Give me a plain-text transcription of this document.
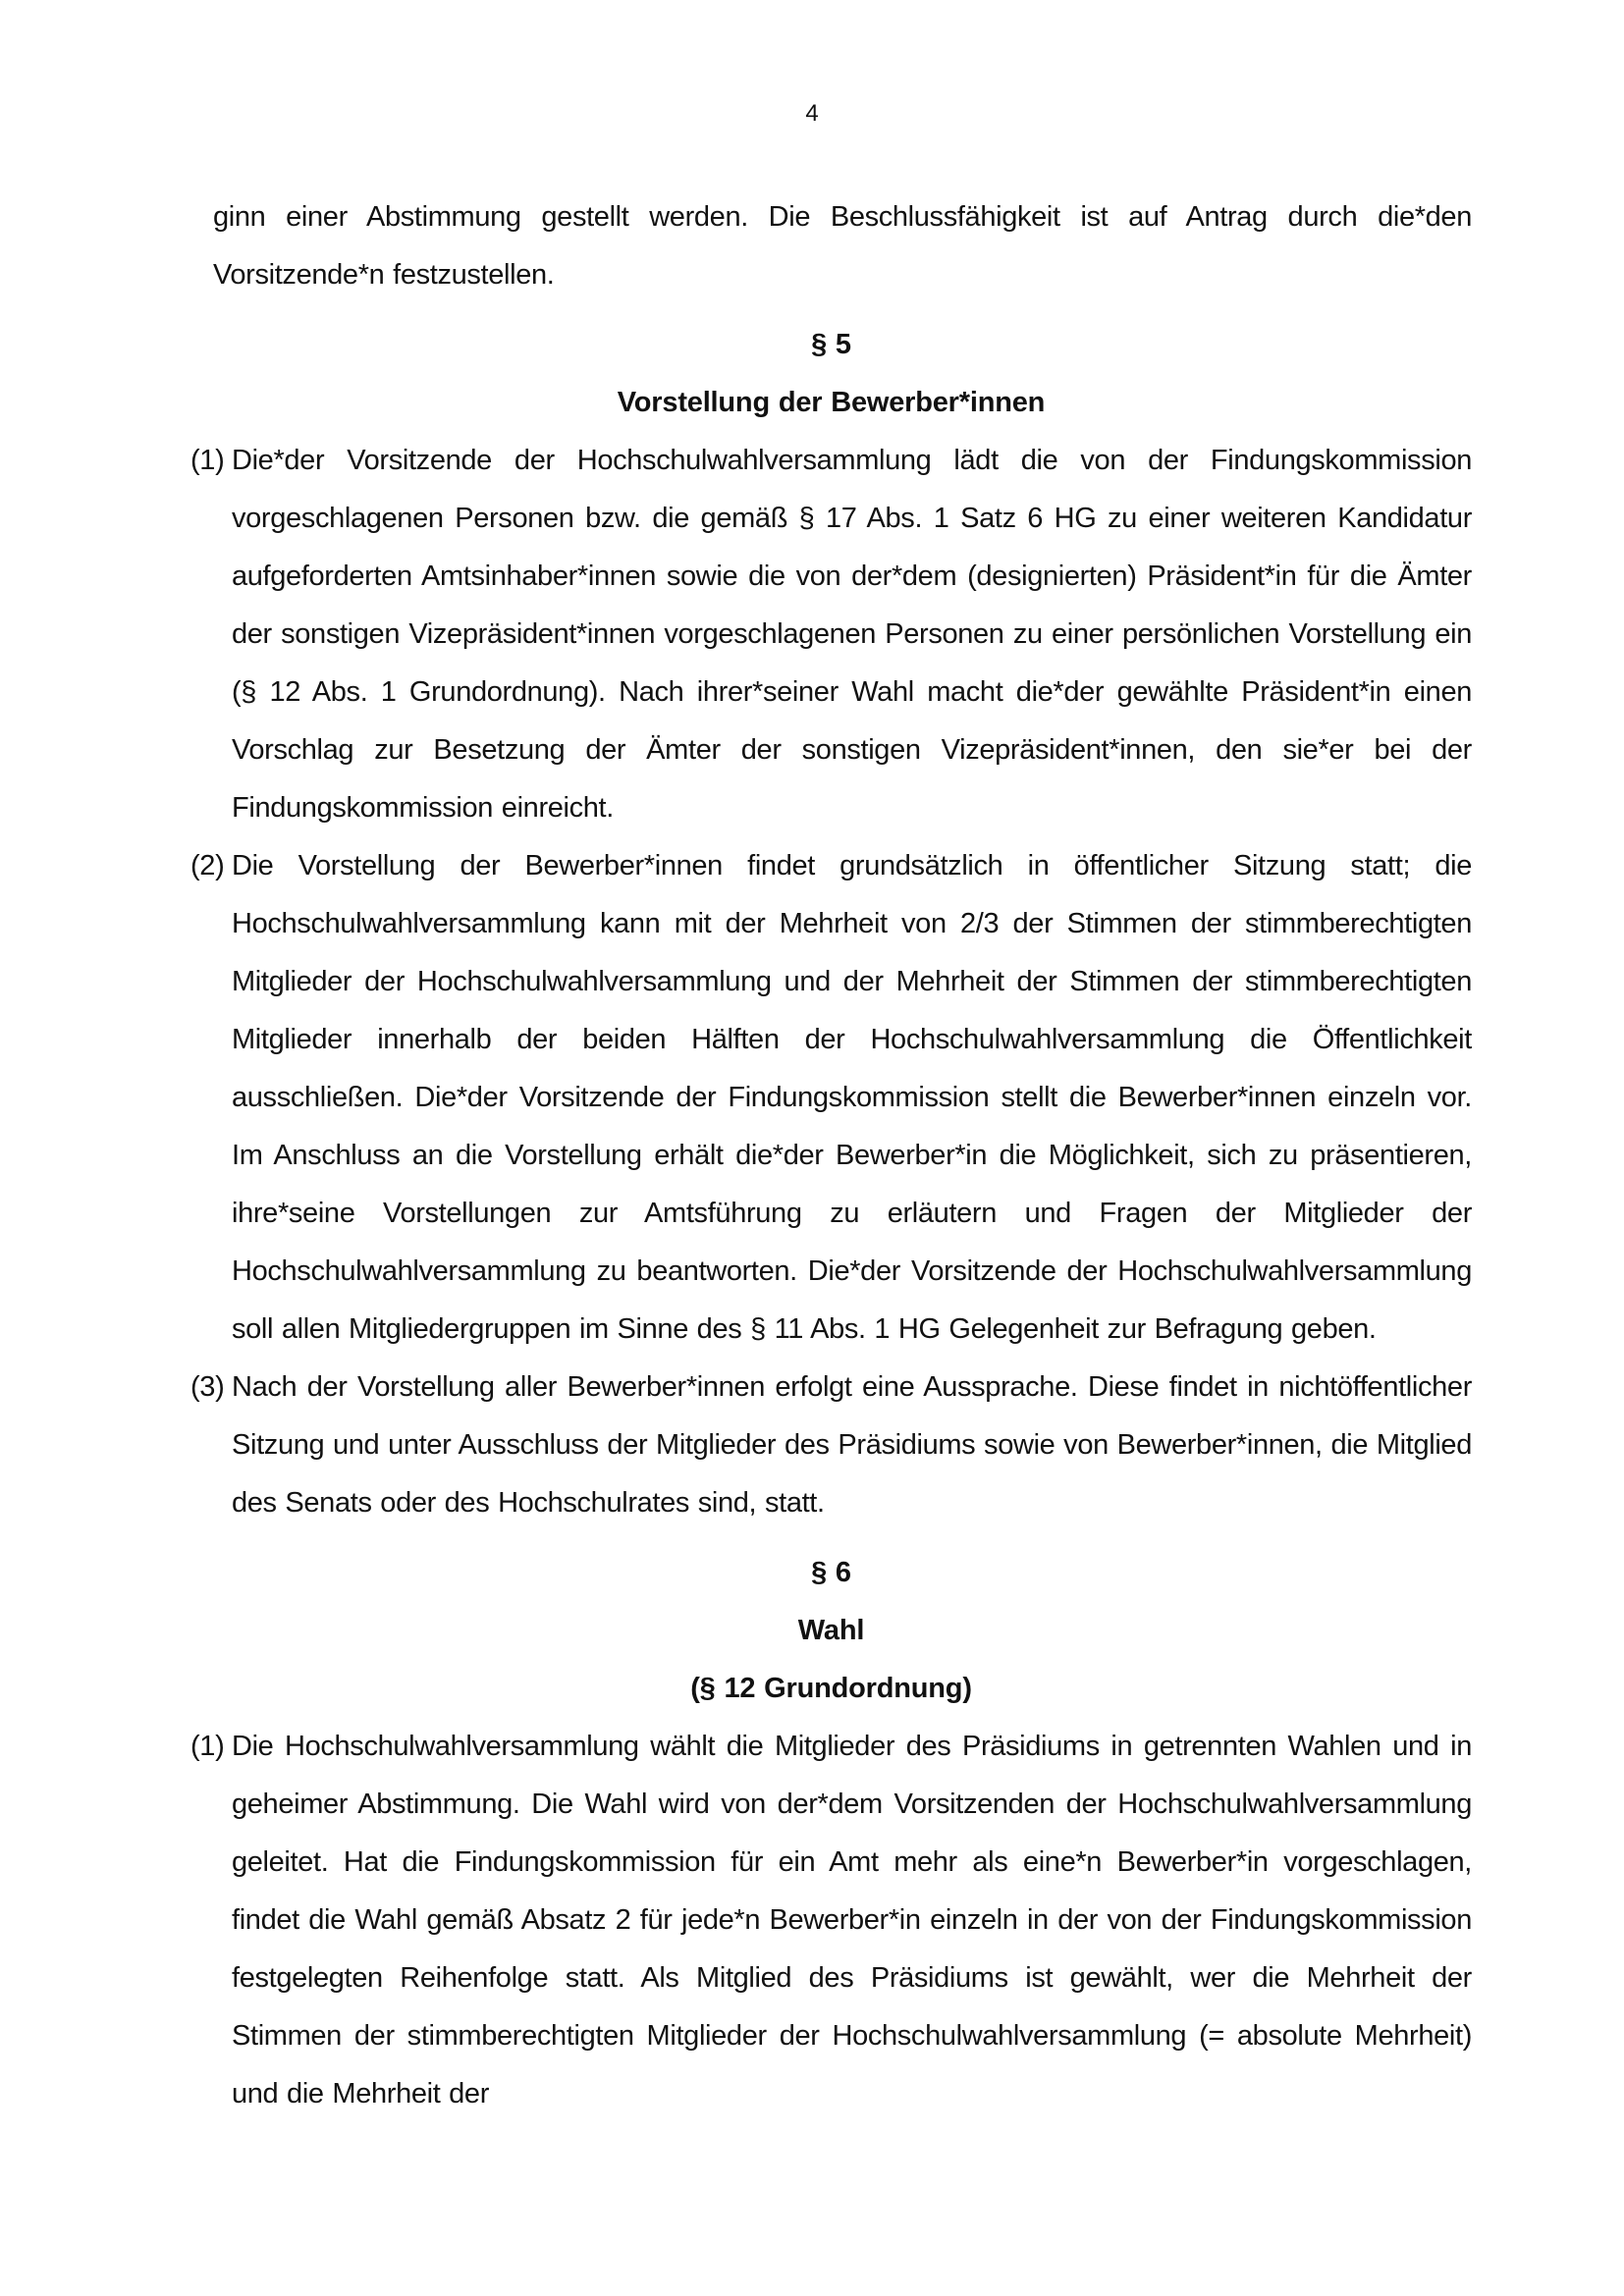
4

ginn einer Abstimmung gestellt werden. Die Beschlussfähigkeit ist auf Antrag durch die*den Vorsitzende*n festzustellen.

§ 5

Vorstellung der Bewerber*innen

(1) Die*der Vorsitzende der Hochschulwahlversammlung lädt die von der Findungskommission vorgeschlagenen Personen bzw. die gemäß § 17 Abs. 1 Satz 6 HG zu einer weiteren Kandidatur aufgeforderten Amtsinhaber*innen sowie die von der*dem (designierten) Präsident*in für die Ämter der sonstigen Vizepräsident*innen vorgeschlagenen Personen zu einer persönlichen Vorstellung ein (§ 12 Abs. 1 Grundordnung). Nach ihrer*seiner Wahl macht die*der gewählte Präsident*in einen Vorschlag zur Besetzung der Ämter der sonstigen Vizepräsident*innen, den sie*er bei der Findungskommission einreicht.
(2) Die Vorstellung der Bewerber*innen findet grundsätzlich in öffentlicher Sitzung statt; die Hochschulwahlversammlung kann mit der Mehrheit von 2/3 der Stimmen der stimmberechtigten Mitglieder der Hochschulwahlversammlung und der Mehrheit der Stimmen der stimmberechtigten Mitglieder innerhalb der beiden Hälften der Hochschulwahlversammlung die Öffentlichkeit ausschließen. Die*der Vorsitzende der Findungskommission stellt die Bewerber*innen einzeln vor. Im Anschluss an die Vorstellung erhält die*der Bewerber*in die Möglichkeit, sich zu präsentieren, ihre*seine Vorstellungen zur Amtsführung zu erläutern und Fragen der Mitglieder der Hochschulwahlversammlung zu beantworten. Die*der Vorsitzende der Hochschulwahlversammlung soll allen Mitgliedergruppen im Sinne des § 11 Abs. 1 HG Gelegenheit zur Befragung geben.
(3) Nach der Vorstellung aller Bewerber*innen erfolgt eine Aussprache. Diese findet in nichtöffentlicher Sitzung und unter Ausschluss der Mitglieder des Präsidiums sowie von Bewerber*innen, die Mitglied des Senats oder des Hochschulrates sind, statt.

§ 6

Wahl

(§ 12 Grundordnung)

(1) Die Hochschulwahlversammlung wählt die Mitglieder des Präsidiums in getrennten Wahlen und in geheimer Abstimmung. Die Wahl wird von der*dem Vorsitzenden der Hochschulwahlversammlung geleitet. Hat die Findungskommission für ein Amt mehr als eine*n Bewerber*in vorgeschlagen, findet die Wahl gemäß Absatz 2 für jede*n Bewerber*in einzeln in der von der Findungskommission festgelegten Reihenfolge statt. Als Mitglied des Präsidiums ist gewählt, wer die Mehrheit der Stimmen der stimmberechtigten Mitglieder der Hochschulwahlversammlung (= absolute Mehrheit) und die Mehrheit der
